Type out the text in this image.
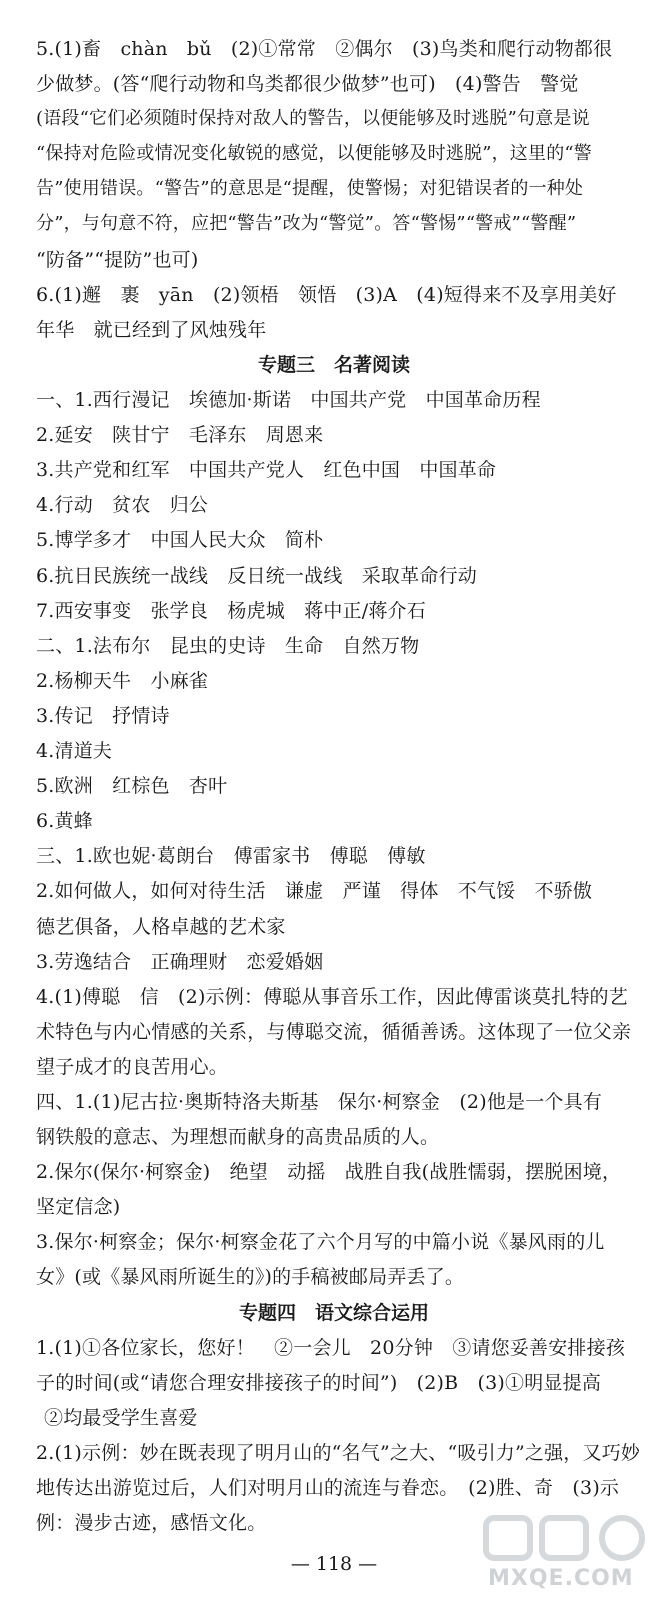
5.(1)畜　chàn　bǔ　(2)①常常　②偶尔　(3)鸟类和爬行动物都很
少做梦。(答“爬行动物和鸟类都很少做梦”也可)　(4)警告　警觉
(语段“它们必须随时保持对敌人的警告，以便能够及时逃脱”句意是说
“保持对危险或情况变化敏锐的感觉，以便能够及时逃脱”，这里的“警
告”使用错误。“警告”的意思是“提醒，使警惕；对犯错误者的一种处
分”，与句意不符，应把“警告”改为“警觉”。答“警惕”“警戒”“警醒”
“防备”“提防”也可)
6.(1)邂　裹　yān　(2)领梧　领悟　(3)A　(4)短得来不及享用美好
年华　就已经到了风烛残年
专题三　名著阅读
一、1.西行漫记　埃德加·斯诺　中国共产党　中国革命历程
2.延安　陕甘宁　毛泽东　周恩来
3.共产党和红军　中国共产党人　红色中国　中国革命
4.行动　贫农　归公
5.博学多才　中国人民大众　简朴
6.抗日民族统一战线　反日统一战线　采取革命行动
7.西安事变　张学良　杨虎城　蒋中正/蒋介石
二、1.法布尔　昆虫的史诗　生命　自然万物
2.杨柳天牛　小麻雀
3.传记　抒情诗
4.清道夫
5.欧洲　红棕色　杏叶
6.黄蜂
三、1.欧也妮·葛朗台　傅雷家书　傅聪　傅敏
2.如何做人，如何对待生活　谦虚　严谨　得体　不气馁　不骄傲
德艺俱备，人格卓越的艺术家
3.劳逸结合　正确理财　恋爱婚姻
4.(1)傅聪　信　(2)示例：傅聪从事音乐工作，因此傅雷谈莫扎特的艺
术特色与内心情感的关系，与傅聪交流，循循善诱。这体现了一位父亲
望子成才的良苦用心。
四、1.(1)尼古拉·奥斯特洛夫斯基　保尔·柯察金　(2)他是一个具有
钢铁般的意志、为理想而献身的高贵品质的人。
2.保尔(保尔·柯察金)　绝望　动摇　战胜自我(战胜懦弱，摆脱困境，
坚定信念)
3.保尔·柯察金；保尔·柯察金花了六个月写的中篇小说《暴风雨的儿
女》(或《暴风雨所诞生的》)的手稿被邮局弄丢了。
专题四　语文综合运用
1.(1)①各位家长，您好！　②一会儿　20分钟　③请您妥善安排接孩
子的时间(或“请您合理安排接孩子的时间”)　(2)B　(3)①明显提高
②均最受学生喜爱
2.(1)示例：妙在既表现了明月山的“名气”之大、“吸引力”之强，又巧妙
地传达出游览过后，人们对明月山的流连与眷恋。　(2)胜、奇　(3)示
例：漫步古迹，感悟文化。
— 118 —
MXQE.COM
